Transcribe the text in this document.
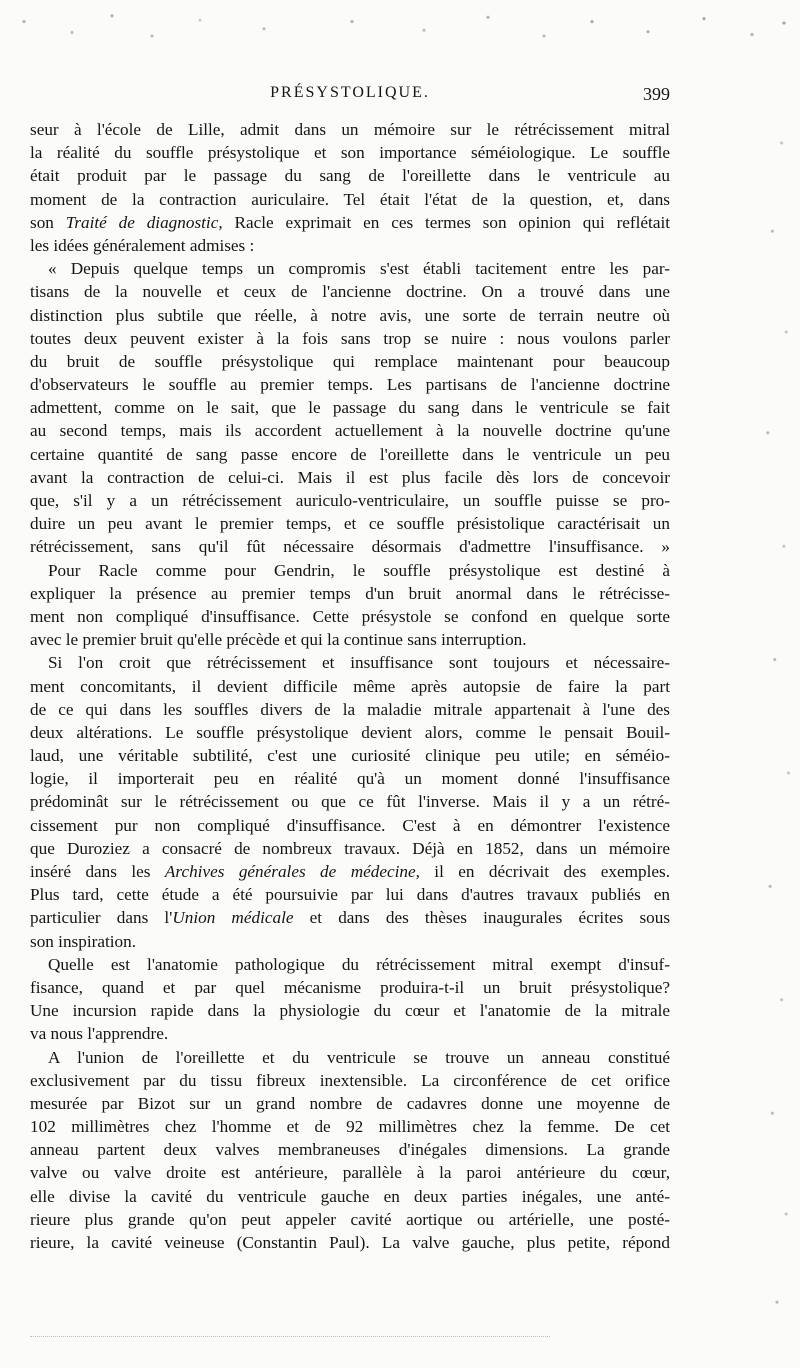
PRÉSYSTOLIQUE.	399
seur à l'école de Lille, admit dans un mémoire sur le rétrécissement mitral
la réalité du souffle présystolique et son importance séméiologique. Le souffle
était produit par le passage du sang de l'oreillette dans le ventricule au
moment de la contraction auriculaire. Tel était l'état de la question, et, dans
son Traité de diagnostic, Racle exprimait en ces termes son opinion qui reflétait
les idées généralement admises :
« Depuis quelque temps un compromis s'est établi tacitement entre les par-
tisans de la nouvelle et ceux de l'ancienne doctrine. On a trouvé dans une
distinction plus subtile que réelle, à notre avis, une sorte de terrain neutre où
toutes deux peuvent exister à la fois sans trop se nuire : nous voulons parler
du bruit de souffle présystolique qui remplace maintenant pour beaucoup
d'observateurs le souffle au premier temps. Les partisans de l'ancienne doctrine
admettent, comme on le sait, que le passage du sang dans le ventricule se fait
au second temps, mais ils accordent actuellement à la nouvelle doctrine qu'une
certaine quantité de sang passe encore de l'oreillette dans le ventricule un peu
avant la contraction de celui-ci. Mais il est plus facile dès lors de concevoir
que, s'il y a un rétrécissement auriculo-ventriculaire, un souffle puisse se pro-
duire un peu avant le premier temps, et ce souffle présistolique caractérisait un
rétrécissement, sans qu'il fût nécessaire désormais d'admettre l'insuffisance. »
Pour Racle comme pour Gendrin, le souffle présystolique est destiné à
expliquer la présence au premier temps d'un bruit anormal dans le rétrécisse-
ment non compliqué d'insuffisance. Cette présystole se confond en quelque sorte
avec le premier bruit qu'elle précède et qui la continue sans interruption.
Si l'on croit que rétrécissement et insuffisance sont toujours et nécessaire-
ment concomitants, il devient difficile même après autopsie de faire la part
de ce qui dans les souffles divers de la maladie mitrale appartenait à l'une des
deux altérations. Le souffle présystolique devient alors, comme le pensait Bouil-
laud, une véritable subtilité, c'est une curiosité clinique peu utile; en séméio-
logie, il importerait peu en réalité qu'à un moment donné l'insuffisance
prédominât sur le rétrécissement ou que ce fût l'inverse. Mais il y a un rétré-
cissement pur non compliqué d'insuffisance. C'est à en démontrer l'existence
que Duroziez a consacré de nombreux travaux. Déjà en 1852, dans un mémoire
inséré dans les Archives générales de médecine, il en décrivait des exemples.
Plus tard, cette étude a été poursuivie par lui dans d'autres travaux publiés en
particulier dans l'Union médicale et dans des thèses inaugurales écrites sous
son inspiration.
Quelle est l'anatomie pathologique du rétrécissement mitral exempt d'insuf-
fisance, quand et par quel mécanisme produira-t-il un bruit présystolique?
Une incursion rapide dans la physiologie du cœur et l'anatomie de la mitrale
va nous l'apprendre.
A l'union de l'oreillette et du ventricule se trouve un anneau constitué
exclusivement par du tissu fibreux inextensible. La circonférence de cet orifice
mesurée par Bizot sur un grand nombre de cadavres donne une moyenne de
102 millimètres chez l'homme et de 92 millimètres chez la femme. De cet
anneau partent deux valves membraneuses d'inégales dimensions. La grande
valve ou valve droite est antérieure, parallèle à la paroi antérieure du cœur,
elle divise la cavité du ventricule gauche en deux parties inégales, une anté-
rieure plus grande qu'on peut appeler cavité aortique ou artérielle, une posté-
rieure, la cavité veineuse (Constantin Paul). La valve gauche, plus petite, répond
